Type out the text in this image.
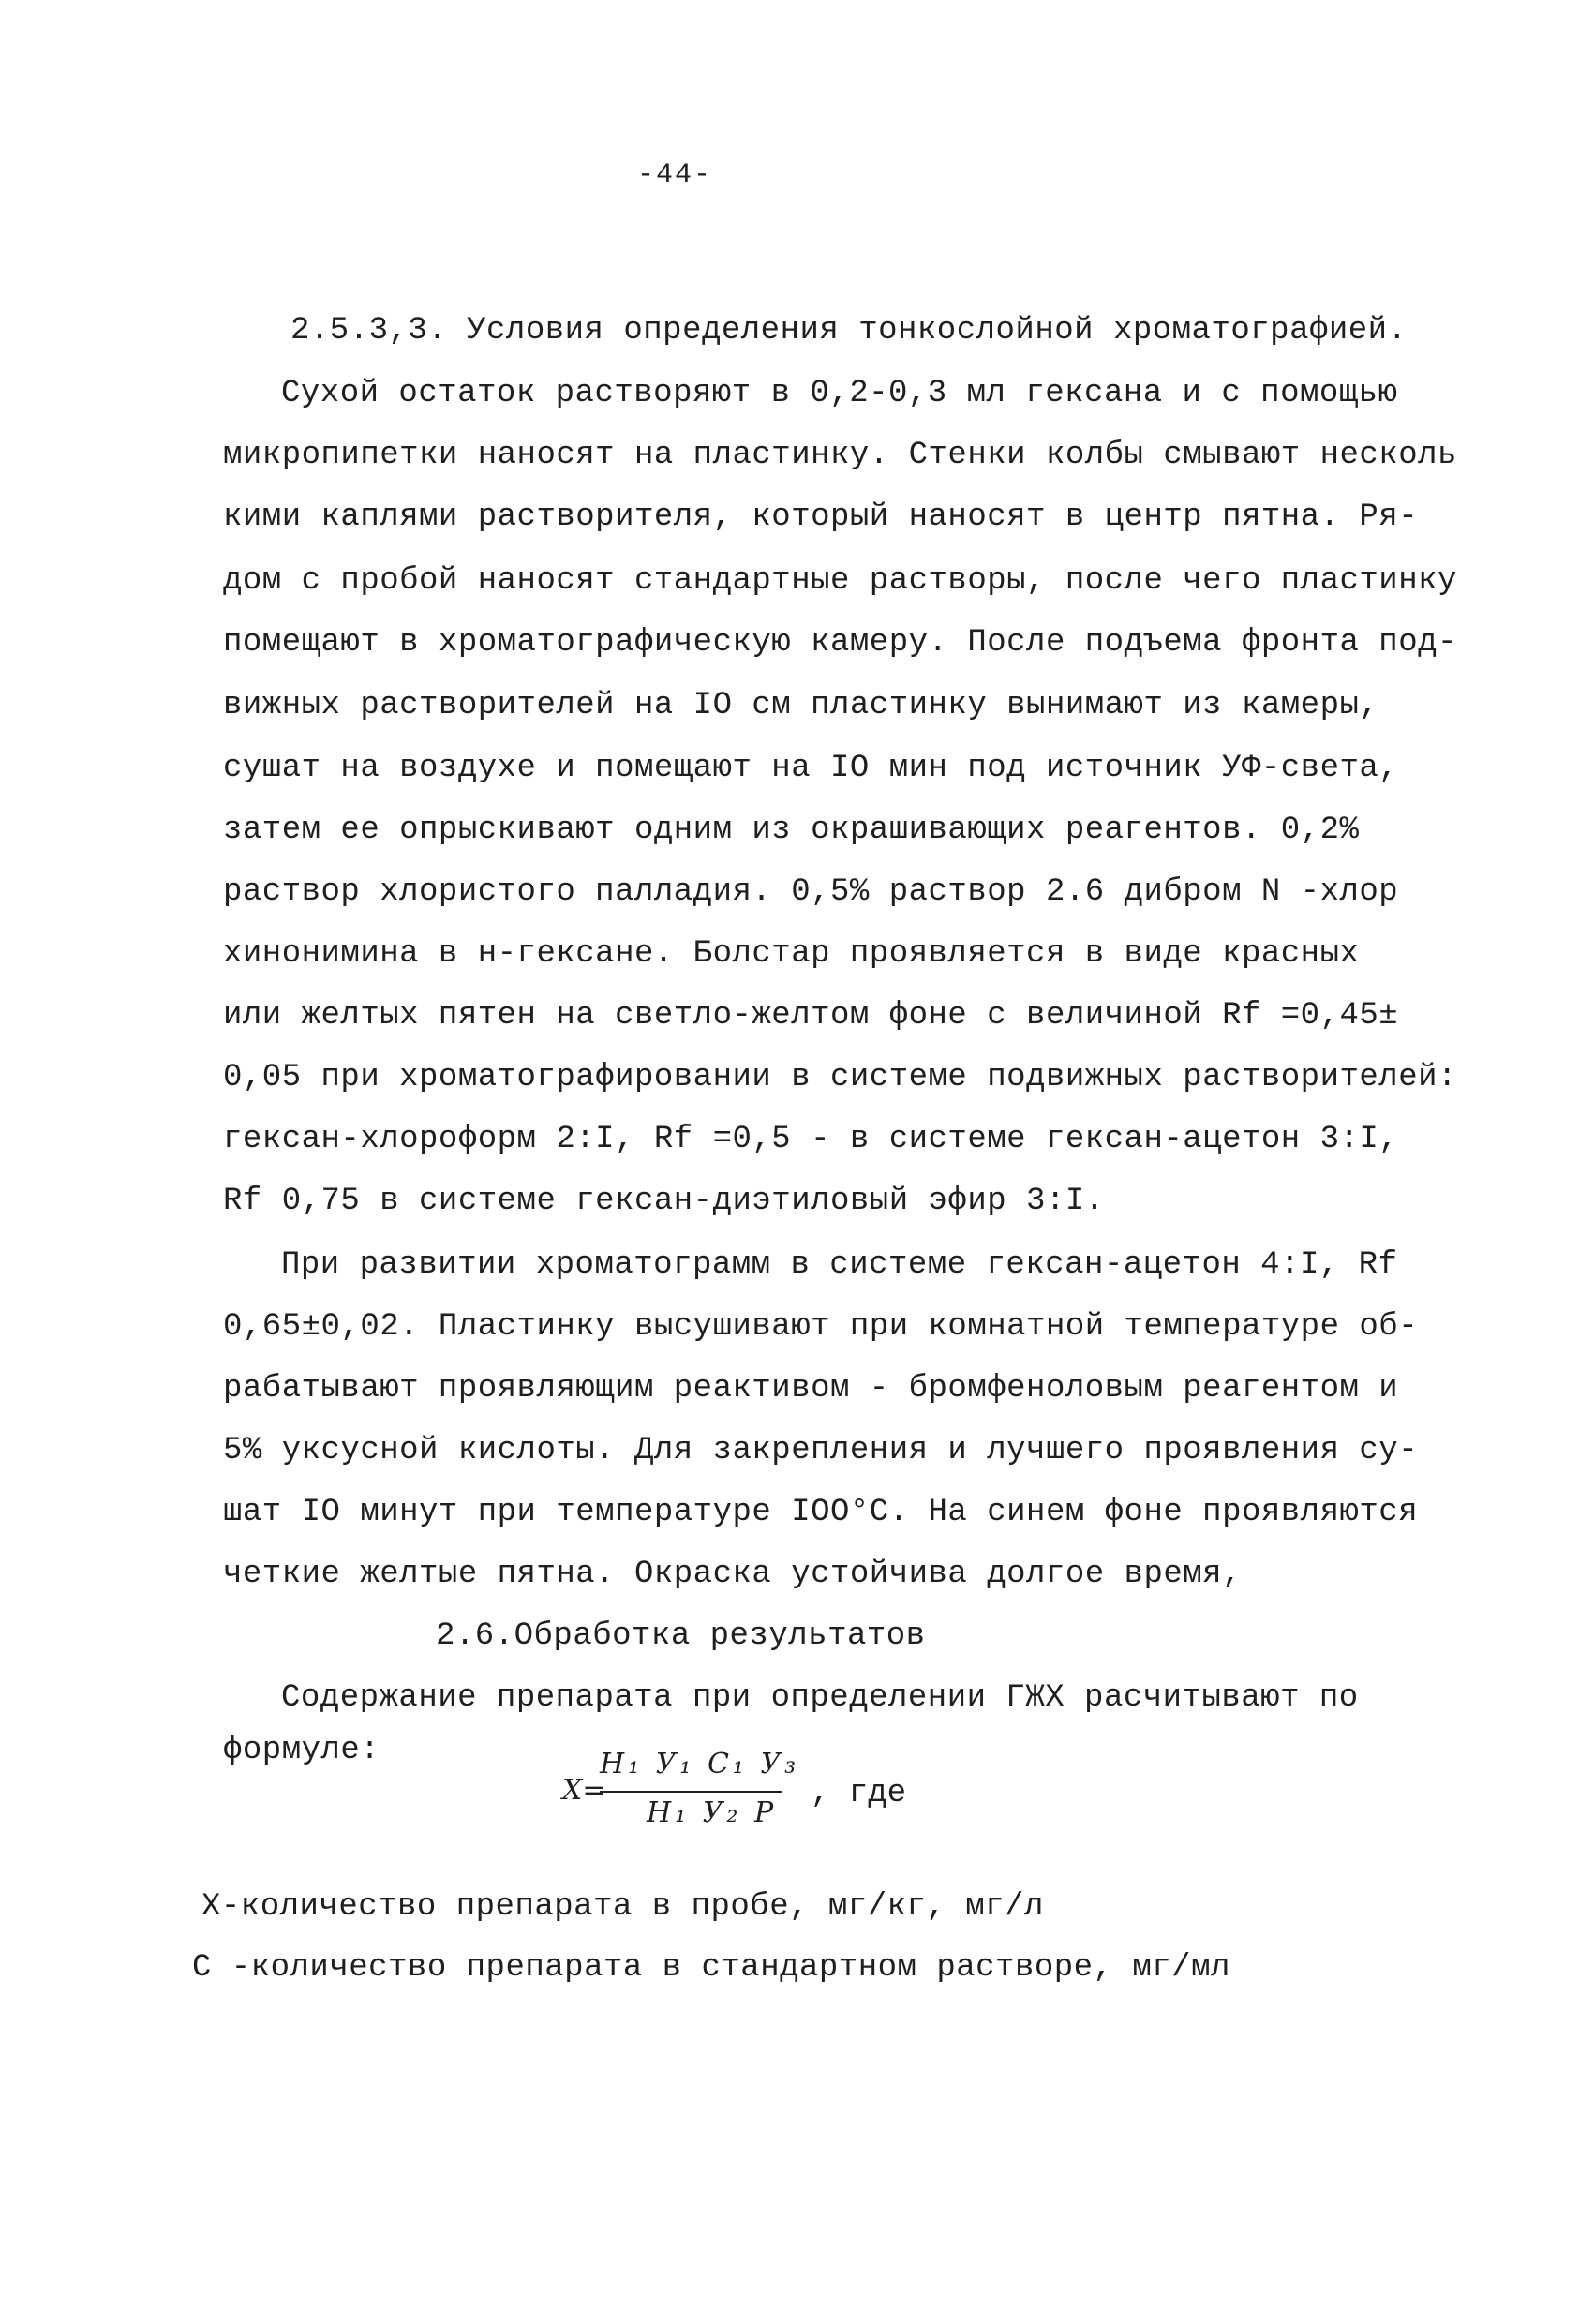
-44-
2.5.3,3. Условия определения тонкослойной хроматографией.
Сухой остаток растворяют в 0,2-0,3 мл гексана и с помощью
микропипетки наносят на пластинку. Стенки колбы смывают несколь
кими каплями растворителя, который наносят в центр пятна. Ря-
дом с пробой наносят стандартные растворы, после чего пластинку
помещают в хроматографическую камеру. После подъема фронта под-
вижных растворителей на IO см пластинку вынимают из камеры,
сушат на воздухе и помещают на IO мин под источник УФ-света,
затем ее опрыскивают одним из окрашивающих реагентов. 0,2%
раствор хлористого палладия. 0,5% раствор 2.6 дибром N -хлор
хинонимина в н-гексане. Болстар проявляется в виде красных
или желтых пятен на светло-желтом фоне с величиной Rf =0,45±
0,05 при хроматографировании в системе подвижных растворителей:
гексан-хлороформ 2:I, Rf =0,5 - в системе гексан-ацетон 3:I,
Rf 0,75 в системе гексан-диэтиловый эфир 3:I.
При развитии хроматограмм в системе гексан-ацетон 4:I, Rf
0,65±0,02. Пластинку высушивают при комнатной температуре об-
рабатывают проявляющим реактивом - бромфеноловым реагентом и
5% уксусной кислоты. Для закрепления и лучшего проявления су-
шат IO минут при температуре IOO°C. На синем фоне проявляются
четкие желтые пятна. Окраска устойчива долгое время,
2.6.Обработка результатов
Содержание препарата при определении ГЖХ расчитывают по
формуле:
X=
H₁ У₁ C₁ У₃
H₁ У₂ P
, где
X-количество препарата в пробе, мг/кг, мг/л
C -количество препарата в стандартном растворе, мг/мл
